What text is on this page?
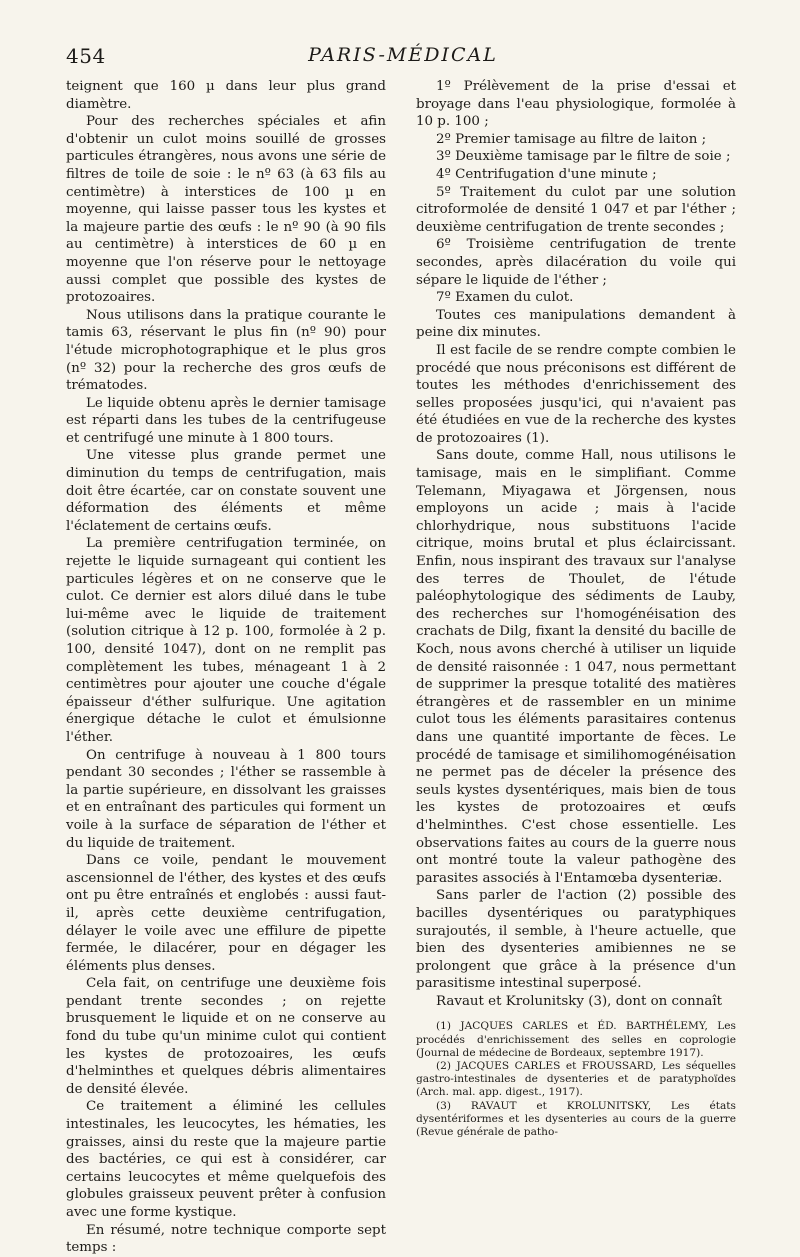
454	PARIS-MÉDICAL

teignent que 160 µ dans leur plus grand diamètre.

Pour des recherches spéciales et afin d'obtenir un culot moins souillé de grosses particules étrangères, nous avons une série de filtres de toile de soie : le nº 63 (à 63 fils au centimètre) à interstices de 100 µ en moyenne, qui laisse passer tous les kystes et la majeure partie des œufs : le nº 90 (à 90 fils au centimètre) à interstices de 60 µ en moyenne que l'on réserve pour le nettoyage aussi complet que possible des kystes de protozoaires.

Nous utilisons dans la pratique courante le tamis 63, réservant le plus fin (nº 90) pour l'étude microphotographique et le plus gros (nº 32) pour la recherche des gros œufs de trématodes.

Le liquide obtenu après le dernier tamisage est réparti dans les tubes de la centrifugeuse et centrifugé une minute à 1 800 tours.

Une vitesse plus grande permet une diminution du temps de centrifugation, mais doit être écartée, car on constate souvent une déformation des éléments et même l'éclatement de certains œufs.

La première centrifugation terminée, on rejette le liquide surnageant qui contient les particules légères et on ne conserve que le culot. Ce dernier est alors dilué dans le tube lui-même avec le liquide de traitement (solution citrique à 12 p. 100, formolée à 2 p. 100, densité 1047), dont on ne remplit pas complètement les tubes, ménageant 1 à 2 centimètres pour ajouter une couche d'égale épaisseur d'éther sulfurique. Une agitation énergique détache le culot et émulsionne l'éther.

On centrifuge à nouveau à 1 800 tours pendant 30 secondes ; l'éther se rassemble à la partie supérieure, en dissolvant les graisses et en entraînant des particules qui forment un voile à la surface de séparation de l'éther et du liquide de traitement.

Dans ce voile, pendant le mouvement ascensionnel de l'éther, des kystes et des œufs ont pu être entraînés et englobés : aussi faut-il, après cette deuxième centrifugation, délayer le voile avec une effilure de pipette fermée, le dilacérer, pour en dégager les éléments plus denses.

Cela fait, on centrifuge une deuxième fois pendant trente secondes ; on rejette brusquement le liquide et on ne conserve au fond du tube qu'un minime culot qui contient les kystes de protozoaires, les œufs d'helminthes et quelques débris alimentaires de densité élevée.

Ce traitement a éliminé les cellules intestinales, les leucocytes, les hématies, les graisses, ainsi du reste que la majeure partie des bactéries, ce qui est à considérer, car certains leucocytes et même quelquefois des globules graisseux peuvent prêter à confusion avec une forme kystique.

En résumé, notre technique comporte sept temps :

1º Prélèvement de la prise d'essai et broyage dans l'eau physiologique, formolée à 10 p. 100 ;

2º Premier tamisage au filtre de laiton ;

3º Deuxième tamisage par le filtre de soie ;

4º Centrifugation d'une minute ;

5º Traitement du culot par une solution citroformolée de densité 1 047 et par l'éther ; deuxième centrifugation de trente secondes ;

6º Troisième centrifugation de trente secondes, après dilacération du voile qui sépare le liquide de l'éther ;

7º Examen du culot.

Toutes ces manipulations demandent à peine dix minutes.

Il est facile de se rendre compte combien le procédé que nous préconisons est différent de toutes les méthodes d'enrichissement des selles proposées jusqu'ici, qui n'avaient pas été étudiées en vue de la recherche des kystes de protozoaires (1).

Sans doute, comme Hall, nous utilisons le tamisage, mais en le simplifiant. Comme Telemann, Miyagawa et Jörgensen, nous employons un acide ; mais à l'acide chlorhydrique, nous substituons l'acide citrique, moins brutal et plus éclaircissant. Enfin, nous inspirant des travaux sur l'analyse des terres de Thoulet, de l'étude paléophytologique des sédiments de Lauby, des recherches sur l'homogénéisation des crachats de Dilg, fixant la densité du bacille de Koch, nous avons cherché à utiliser un liquide de densité raisonnée : 1 047, nous permettant de supprimer la presque totalité des matières étrangères et de rassembler en un minime culot tous les éléments parasitaires contenus dans une quantité importante de fèces. Le procédé de tamisage et similihomogénéisation ne permet pas de déceler la présence des seuls kystes dysentériques, mais bien de tous les kystes de protozoaires et œufs d'helminthes. C'est chose essentielle. Les observations faites au cours de la guerre nous ont montré toute la valeur pathogène des parasites associés à l'Entamœba dysenteriæ.

Sans parler de l'action (2) possible des bacilles dysentériques ou paratyphiques surajoutés, il semble, à l'heure actuelle, que bien des dysenteries amibiennes ne se prolongent que grâce à la présence d'un parasitisme intestinal superposé.

Ravaut et Krolunitsky (3), dont on connaît

(1) JACQUES CARLES et ÉD. BARTHÉLEMY, Les procédés d'enrichissement des selles en coprologie (Journal de médecine de Bordeaux, septembre 1917).

(2) JACQUES CARLES et FROUSSARD, Les séquelles gastro-intestinales de dysenteries et de paratyphoïdes (Arch. mal. app. digest., 1917).

(3) RAVAUT et KROLUNITSKY, Les états dysentériformes et les dysenteries au cours de la guerre (Revue générale de patho-
